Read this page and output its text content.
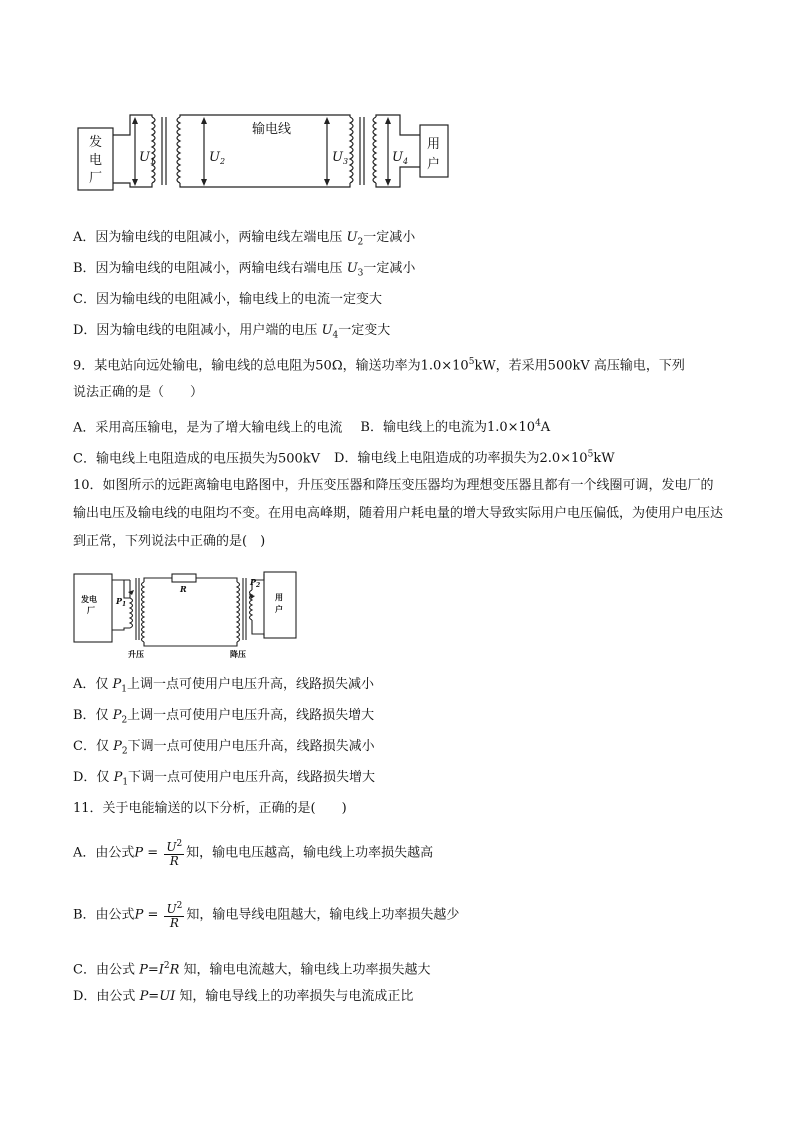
发
电
厂
用
户
输电线
$U_1$	$U_2$	$U_3$	$U_4$
A．因为输电线的电阻减小，两输电线左端电压 $U_2$一定减小
B．因为输电线的电阻减小，两输电线右端电压 $U_3$一定减小
C．因为输电线的电阻减小，输电线上的电流一定变大
D．因为输电线的电阻减小，用户端的电压 $U_4$一定变大
9．某电站向远处输电，输电线的总电阻为50Ω，输送功率为$1.0\times 10^5kW$，若采用500kV 高压输电，下列
说法正确的是（　　）
A．采用高压输电，是为了增大输电线上的电流 B．输电线上的电流为$1.0\times 10^4A$
C．输电线上电阻造成的电压损失为500kV D．输电线上电阻造成的功率损失为$2.0\times 10^5kW$
10．如图所示的远距离输电电路图中，升压变压器和降压变压器均为理想变压器且都有一个线圈可调，发电厂的输出电压及输电线的电阻均不变。在用电高峰期，随着用户耗电量的增大导致实际用户电压偏低，为使用户电压达到正常，下列说法中正确的是(　)
发电
厂
$P_1$
R
$P_2$
用
户
升压	降压
A．仅 $P_1$上调一点可使用户电压升高，线路损失减小
B．仅 $P_2$上调一点可使用户电压升高，线路损失增大
C．仅 $P_2$下调一点可使用户电压升高，线路损失减小
D．仅 $P_1$下调一点可使用户电压升高，线路损失增大
11．关于电能输送的以下分析，正确的是(　　)
A．由公式$P = \frac{U^2}{R}$ 知，输电电压越高，输电线上功率损失越高
B．由公式$P = \frac{U^2}{R}$ 知，输电导线电阻越大，输电线上功率损失越少
C．由公式 $P=I^2R$ 知，输电电流越大，输电线上功率损失越大
D．由公式 P=UI 知，输电导线上的功率损失与电流成正比
